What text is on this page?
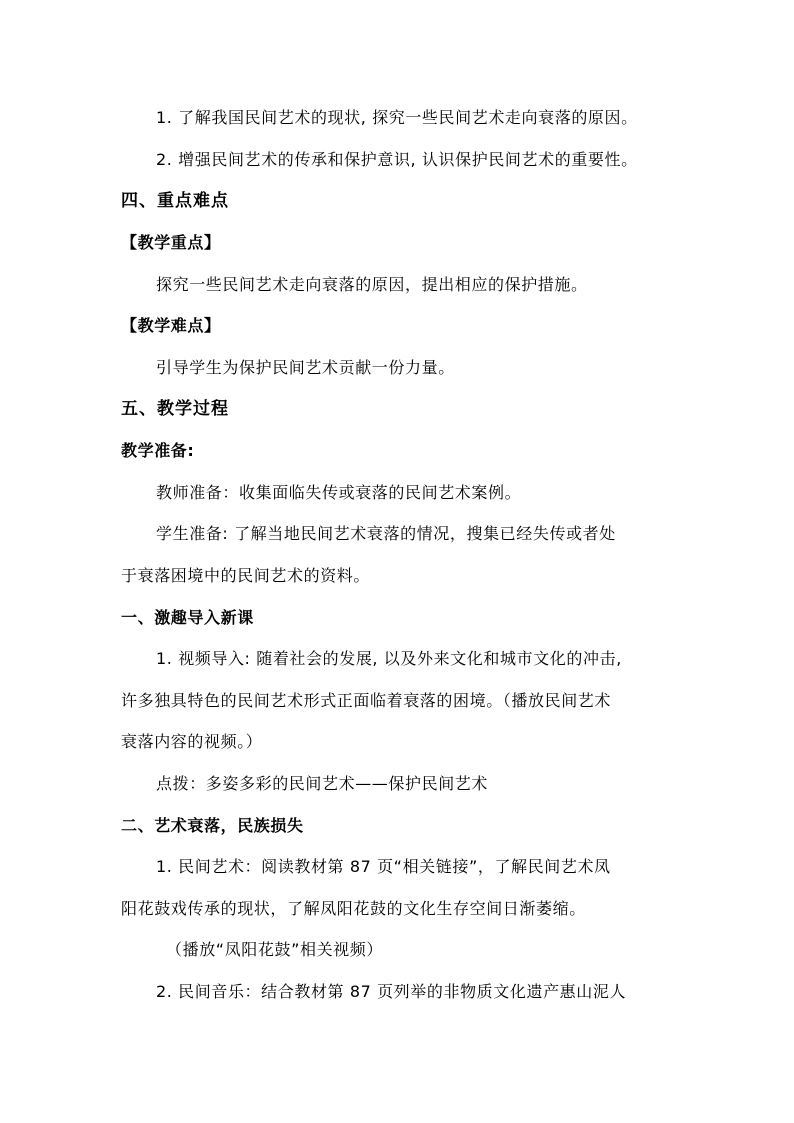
1. 了解我国民间艺术的现状, 探究一些民间艺术走向衰落的原因。
2. 增强民间艺术的传承和保护意识, 认识保护民间艺术的重要性。
四、重点难点
【教学重点】
探究一些民间艺术走向衰落的原因，提出相应的保护措施。
【教学难点】
引导学生为保护民间艺术贡献一份力量。
五、教学过程
教学准备:
教师准备：收集面临失传或衰落的民间艺术案例。
学生准备: 了解当地民间艺术衰落的情况，搜集已经失传或者处
于衰落困境中的民间艺术的资料。
一、激趣导入新课
1. 视频导入: 随着社会的发展, 以及外来文化和城市文化的冲击,
许多独具特色的民间艺术形式正面临着衰落的困境。（播放民间艺术
衰落内容的视频。）
点拨：多姿多彩的民间艺术——保护民间艺术
二、艺术衰落，民族损失
1. 民间艺术：阅读教材第 87 页“相关链接”，了解民间艺术凤
阳花鼓戏传承的现状，了解凤阳花鼓的文化生存空间日渐萎缩。
（播放“凤阳花鼓”相关视频）
2. 民间音乐：结合教材第 87 页列举的非物质文化遗产惠山泥人
